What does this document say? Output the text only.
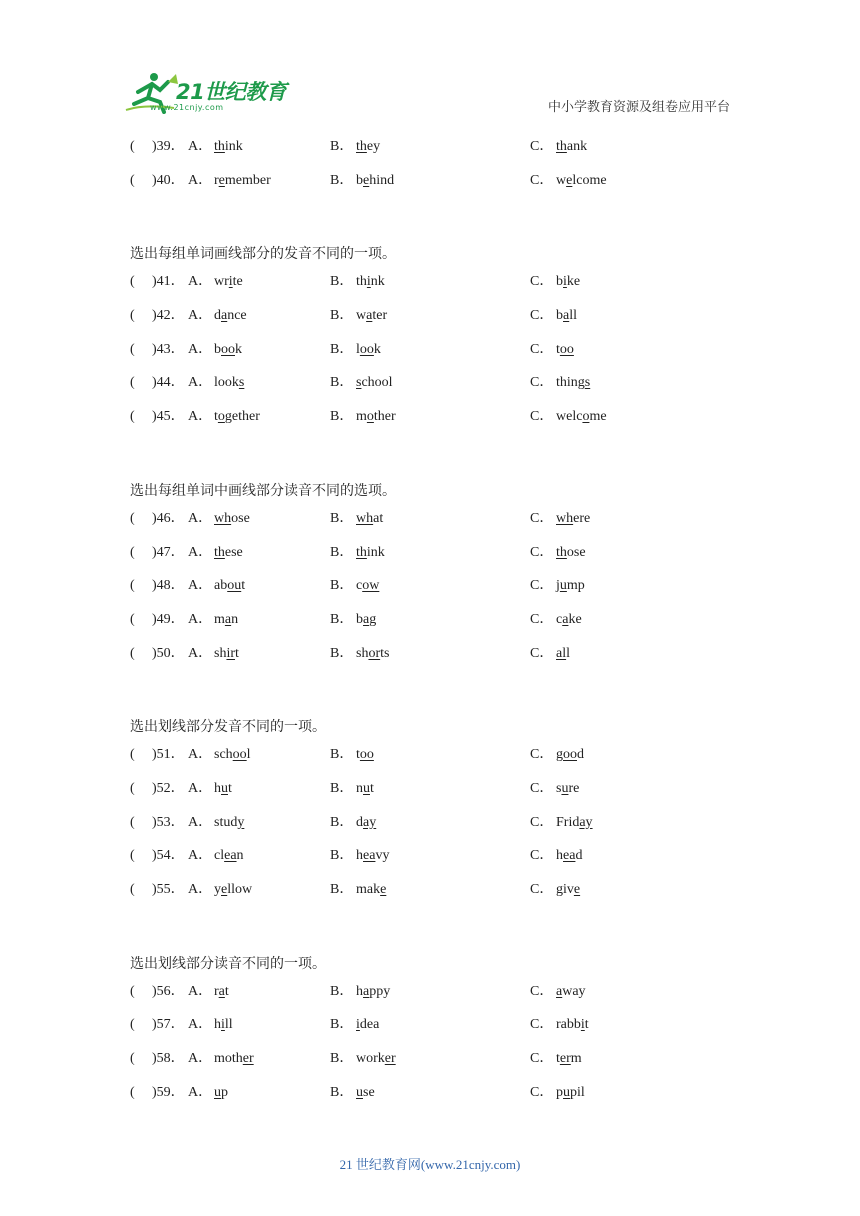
21世纪教育
www.21cnjy.com	中小学教育资源及组卷应用平台
( )39． A． think	B． they	C． thank
( )40． A． remember	B． behind	C． welcome
选出每组单词画线部分的发音不同的一项。
( )41． A． write	B． think	C． bike
( )42． A． dance	B． water	C． ball
( )43． A． book	B． look	C． too
( )44． A． looks	B． school	C． things
( )45． A． together	B． mother	C． welcome
选出每组单词中画线部分读音不同的选项。
( )46． A． whose	B． what	C． where
( )47． A． these	B． think	C． those
( )48． A． about	B． cow	C． jump
( )49． A． man	B． bag	C． cake
( )50． A． shirt	B． shorts	C． all
选出划线部分发音不同的一项。
( )51． A． school	B． too	C． good
( )52． A． hut	B． nut	C． sure
( )53． A． study	B． day	C． Friday
( )54． A． clean	B． heavy	C． head
( )55． A． yellow	B． make	C． give
选出划线部分读音不同的一项。
( )56． A． rat	B． happy	C． away
( )57． A． hill	B． idea	C． rabbit
( )58． A． mother	B． worker	C． term
( )59． A． up	B． use	C． pupil
21 世纪教育网(www.21cnjy.com)
